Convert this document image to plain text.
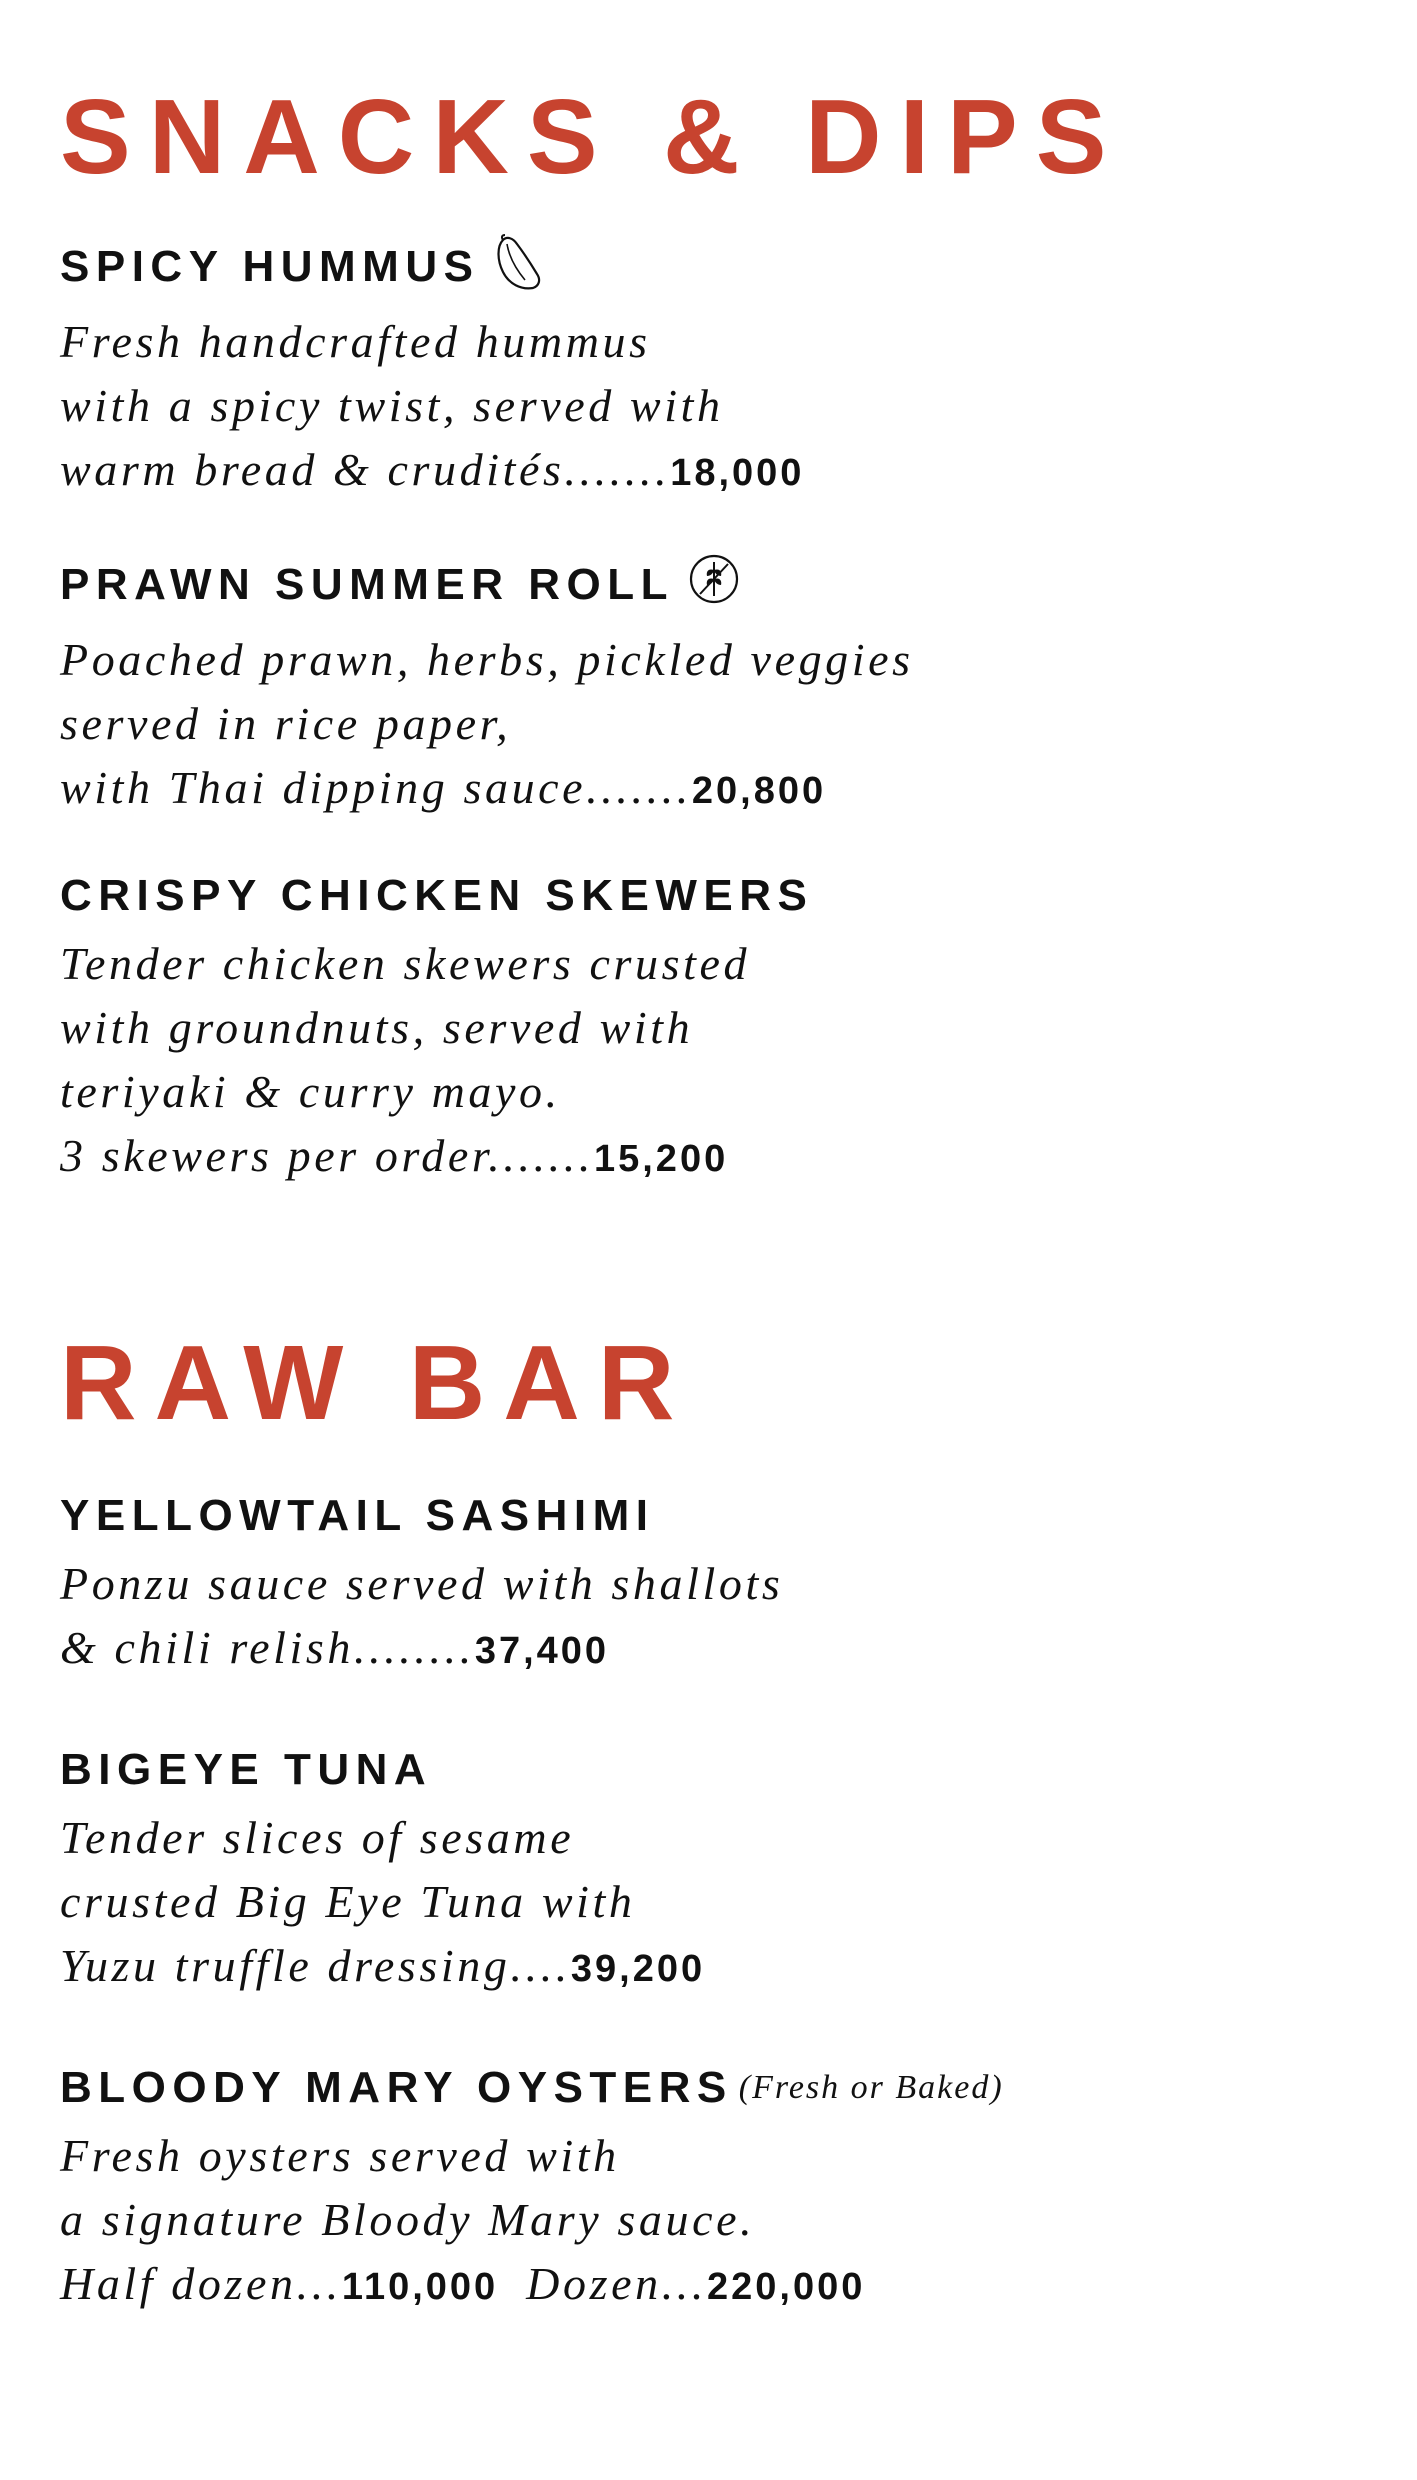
SNACKS & DIPS
SPICY HUMMUS
Fresh handcrafted hummus
with a spicy twist, served with
warm bread & crudités.......18,000
PRAWN SUMMER ROLL
Poached prawn, herbs, pickled veggies
served in rice paper,
with Thai dipping sauce.......20,800
CRISPY CHICKEN SKEWERS
Tender chicken skewers crusted
with groundnuts, served with
teriyaki & curry mayo.
3 skewers per order.......15,200
RAW BAR
YELLOWTAIL SASHIMI
Ponzu sauce served with shallots
& chili relish........37,400
BIGEYE TUNA
Tender slices of sesame
crusted Big Eye Tuna with
Yuzu truffle dressing....39,200
BLOODY MARY OYSTERS (Fresh or Baked)
Fresh oysters served with
a signature Bloody Mary sauce.
Half dozen...110,000 Dozen...220,000
